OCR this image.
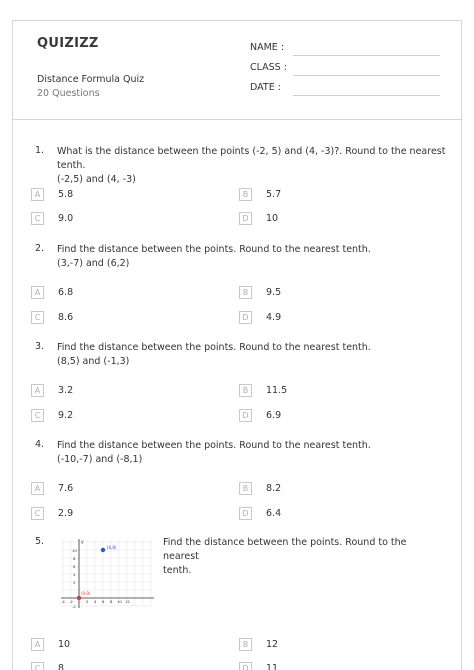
QUIZIZZ
Distance Formula Quiz
20 Questions
NAME :
CLASS :
DATE :
1. What is the distance between the points (-2, 5) and (4, -3)?. Round to the nearest tenth.
(-2,5) and (4, -3)
A	5.8	B	5.7
C	9.0	D	10
2. Find the distance between the points. Round to the nearest tenth.
(3,-7) and (6,2)
A	6.8	B	9.5
C	8.6	D	4.9
3. Find the distance between the points. Round to the nearest tenth.
(8,5) and (-1,3)
A	3.2	B	11.5
C	9.2	D	6.9
4. Find the distance between the points. Round to the nearest tenth.
(-10,-7) and (-8,1)
A	7.6	B	8.2
C	2.9	D	6.4
5.	y
-4 -2	2 4 6 8 10 12
10
8
6
4
2
-2
(6,8)
(0,0)
Find the distance between the points. Round to the nearest
tenth.
A	10	B	12
C	8	D	11
